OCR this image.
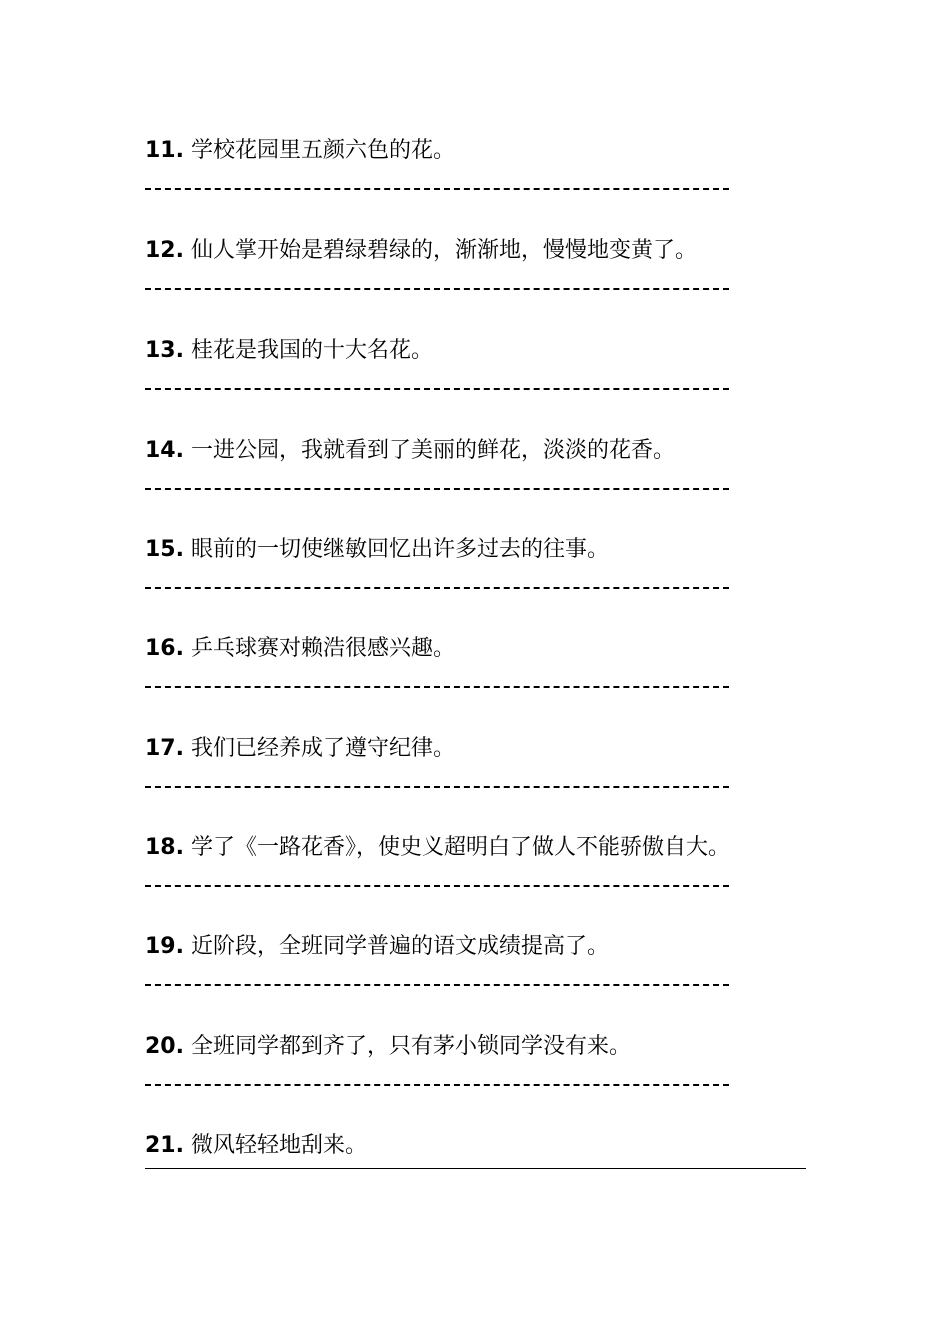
11. 学校花园里五颜六色的花。
12. 仙人掌开始是碧绿碧绿的，渐渐地，慢慢地变黄了。
13. 桂花是我国的十大名花。
14. 一进公园，我就看到了美丽的鲜花，淡淡的花香。
15. 眼前的一切使继敏回忆出许多过去的往事。
16. 乒乓球赛对赖浩很感兴趣。
17. 我们已经养成了遵守纪律。
18. 学了《一路花香》，使史义超明白了做人不能骄傲自大。
19. 近阶段，全班同学普遍的语文成绩提高了。
20. 全班同学都到齐了，只有茅小锁同学没有来。
21. 微风轻轻地刮来。
